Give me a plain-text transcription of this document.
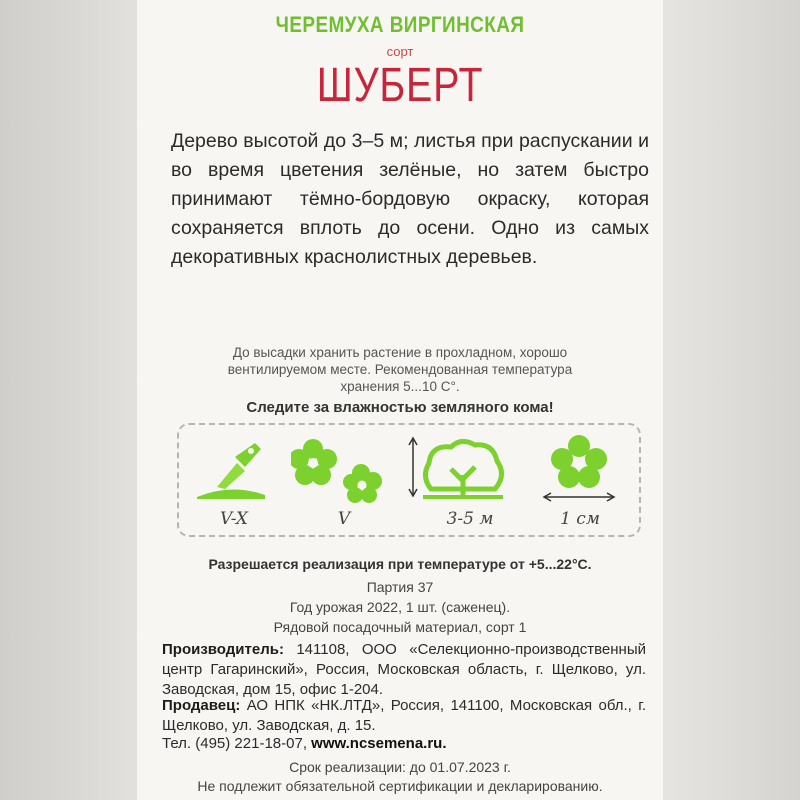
ЧЕРЕМУХА ВИРГИНСКАЯ
сорт
ШУБЕРТ
Дерево высотой до 3–5 м; листья при распускании и во время цветения зелёные, но затем быстро принимают тёмно-бордовую окраску, которая сохраняется вплоть до осени. Одно из самых декоративных краснолистных деревьев.
До высадки хранить растение в прохладном, хорошо
вентилируемом месте. Рекомендованная температура
хранения 5...10 С°.
Следите за влажностью земляного кома!
V-X	V	3-5 м	1 см
Разрешается реализация при температуре от +5...22°С.
Партия 37
Год урожая 2022, 1 шт. (саженец).
Рядовой посадочный материал, сорт 1
Производитель: 141108, ООО «Селекционно-производственный центр Гагаринский», Россия, Московская область, г. Щелково, ул. Заводская, дом 15, офис 1-204.
Продавец: АО НПК «НК.ЛТД», Россия, 141100, Московская обл., г. Щелково, ул. Заводская, д. 15.
Тел. (495) 221-18-07, www.ncsemena.ru.
Срок реализации: до 01.07.2023 г.
Не подлежит обязательной сертификации и декларированию.
